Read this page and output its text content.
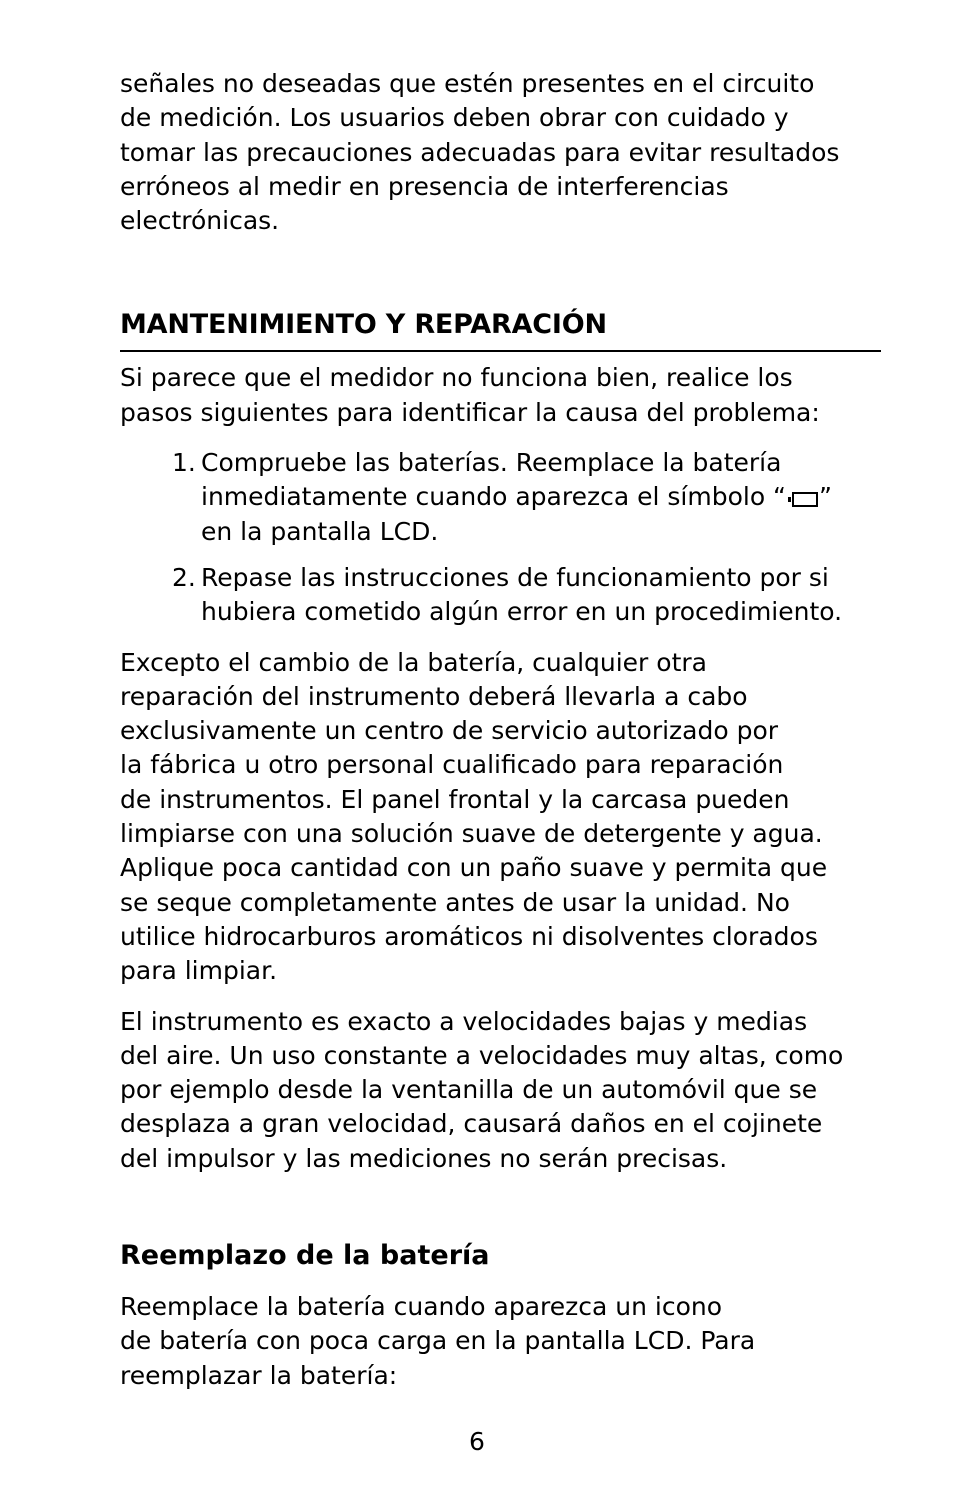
señales no deseadas que estén presentes en el circuito
de medición. Los usuarios deben obrar con cuidado y
tomar las precauciones adecuadas para evitar resultados
erróneos al medir en presencia de interferencias
electrónicas.

MANTENIMIENTO Y REPARACIÓN

Si parece que el medidor no funciona bien, realice los
pasos siguientes para identificar la causa del problema:

1. Compruebe las baterías. Reemplace la batería
inmediatamente cuando aparezca el símbolo “ ”
en la pantalla LCD.
2. Repase las instrucciones de funcionamiento por si
hubiera cometido algún error en un procedimiento.

Excepto el cambio de la batería, cualquier otra
reparación del instrumento deberá llevarla a cabo
exclusivamente un centro de servicio autorizado por
la fábrica u otro personal cualificado para reparación
de instrumentos. El panel frontal y la carcasa pueden
limpiarse con una solución suave de detergente y agua.
Aplique poca cantidad con un paño suave y permita que
se seque completamente antes de usar la unidad. No
utilice hidrocarburos aromáticos ni disolventes clorados
para limpiar.

El instrumento es exacto a velocidades bajas y medias
del aire. Un uso constante a velocidades muy altas, como
por ejemplo desde la ventanilla de un automóvil que se
desplaza a gran velocidad, causará daños en el cojinete
del impulsor y las mediciones no serán precisas.

Reemplazo de la batería

Reemplace la batería cuando aparezca un icono
de batería con poca carga en la pantalla LCD. Para
reemplazar la batería:

6
